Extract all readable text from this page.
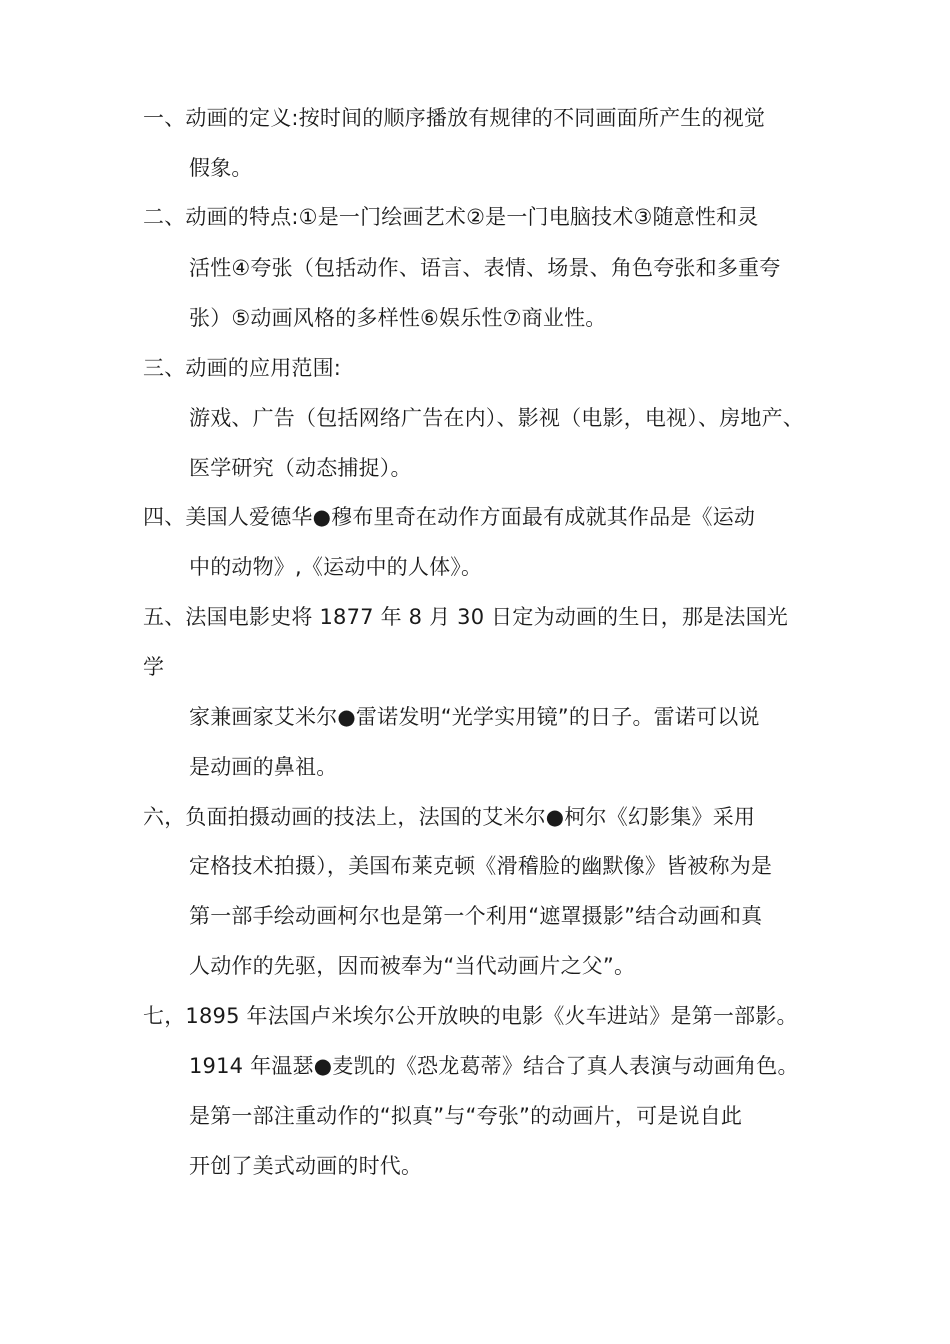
一、动画的定义:按时间的顺序播放有规律的不同画面所产生的视觉
假象。
二、动画的特点:①是一门绘画艺术②是一门电脑技术③随意性和灵
活性④夸张（包括动作、语言、表情、场景、角色夸张和多重夸
张）⑤动画风格的多样性⑥娱乐性⑦商业性。
三、动画的应用范围:
游戏、广告（包括网络广告在内）、影视（电影，电视）、房地产、
医学研究（动态捕捉）。
四、美国人爱德华●穆布里奇在动作方面最有成就其作品是《运动
中的动物》,《运动中的人体》。
五、法国电影史将 1877 年 8 月 30 日定为动画的生日，那是法国光
学
家兼画家艾米尔●雷诺发明“光学实用镜”的日子。雷诺可以说
是动画的鼻祖。
六，负面拍摄动画的技法上，法国的艾米尔●柯尔《幻影集》采用
定格技术拍摄），美国布莱克顿《滑稽脸的幽默像》皆被称为是
第一部手绘动画柯尔也是第一个利用“遮罩摄影”结合动画和真
人动作的先驱，因而被奉为“当代动画片之父”。
七，1895 年法国卢米埃尔公开放映的电影《火车进站》是第一部影。
1914 年温瑟●麦凯的《恐龙葛蒂》结合了真人表演与动画角色。
是第一部注重动作的“拟真”与“夸张”的动画片，可是说自此
开创了美式动画的时代。
